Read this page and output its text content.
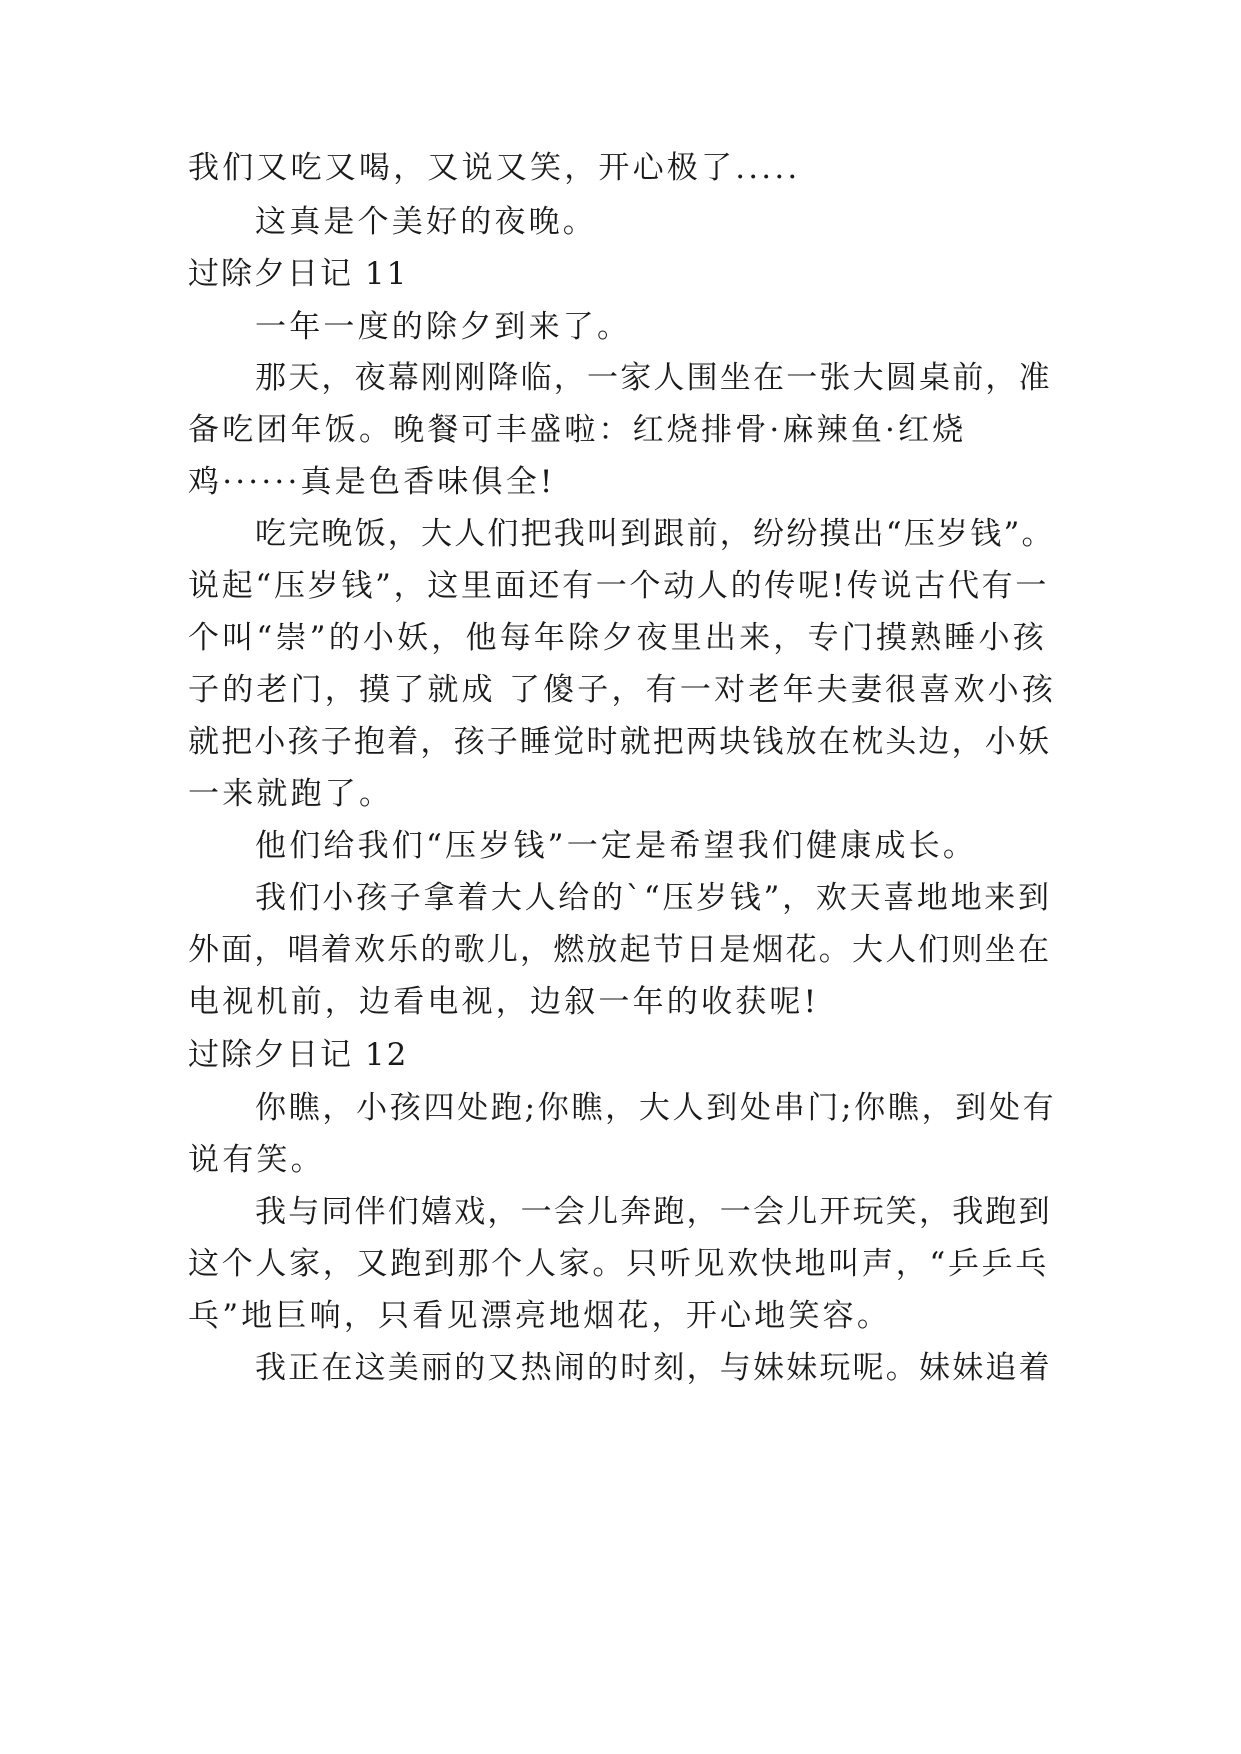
我们又吃又喝，又说又笑，开心极了.....

这真是个美好的夜晚。

过除夕日记 11

一年一度的除夕到来了。

那天，夜幕刚刚降临，一家人围坐在一张大圆桌前，准

备吃团年饭。晚餐可丰盛啦：红烧排骨·麻辣鱼·红烧

鸡······真是色香味俱全!

吃完晚饭，大人们把我叫到跟前，纷纷摸出“压岁钱”。

说起“压岁钱”，这里面还有一个动人的传呢!传说古代有一

个叫“崇”的小妖，他每年除夕夜里出来，专门摸熟睡小孩

子的老门，摸了就成 了傻子，有一对老年夫妻很喜欢小孩

就把小孩子抱着，孩子睡觉时就把两块钱放在枕头边，小妖

一来就跑了。

他们给我们“压岁钱”一定是希望我们健康成长。

我们小孩子拿着大人给的`“压岁钱”，欢天喜地地来到

外面，唱着欢乐的歌儿，燃放起节日是烟花。大人们则坐在

电视机前，边看电视，边叙一年的收获呢!

过除夕日记 12

你瞧，小孩四处跑;你瞧，大人到处串门;你瞧，到处有

说有笑。

我与同伴们嬉戏，一会儿奔跑，一会儿开玩笑，我跑到

这个人家，又跑到那个人家。只听见欢快地叫声，“乒乒乓

乓”地巨响，只看见漂亮地烟花，开心地笑容。

我正在这美丽的又热闹的时刻，与妹妹玩呢。妹妹追着
